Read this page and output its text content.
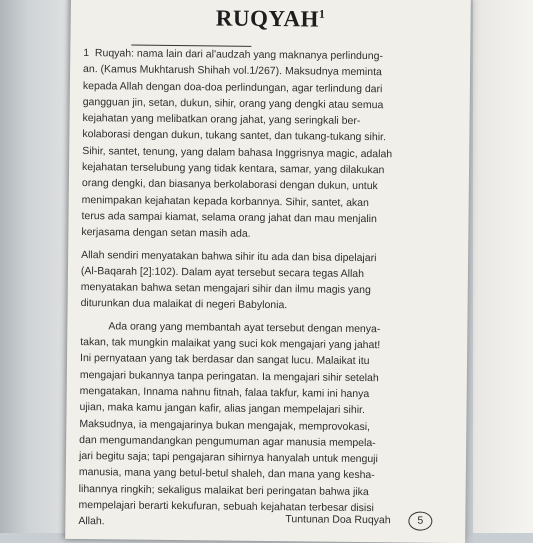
RUQYAH$^1$
1 Ruqyah: nama lain dari al'audzah yang maknanya perlindung-
an. (Kamus Mukhtarush Shihah vol.1/267). Maksudnya meminta
kepada Allah dengan doa-doa perlindungan, agar terlindung dari
gangguan jin, setan, dukun, sihir, orang yang dengki atau semua
kejahatan yang melibatkan orang jahat, yang seringkali ber-
kolaborasi dengan dukun, tukang santet, dan tukang-tukang sihir.
Sihir, santet, tenung, yang dalam bahasa Inggrisnya magic, adalah
kejahatan terselubung yang tidak kentara, samar, yang dilakukan
orang dengki, dan biasanya berkolaborasi dengan dukun, untuk
menimpakan kejahatan kepada korbannya. Sihir, santet, akan
terus ada sampai kiamat, selama orang jahat dan mau menjalin
kerjasama dengan setan masih ada.
Allah sendiri menyatakan bahwa sihir itu ada dan bisa dipelajari
(Al-Baqarah [2]:102). Dalam ayat tersebut secara tegas Allah
menyatakan bahwa setan mengajari sihir dan ilmu magis yang
diturunkan dua malaikat di negeri Babylonia.
Ada orang yang membantah ayat tersebut dengan menya-
takan, tak mungkin malaikat yang suci kok mengajari yang jahat!
Ini pernyataan yang tak berdasar dan sangat lucu. Malaikat itu
mengajari bukannya tanpa peringatan. Ia mengajari sihir setelah
mengatakan, Innama nahnu fitnah, falaa takfur, kami ini hanya
ujian, maka kamu jangan kafir, alias jangan mempelajari sihir.
Maksudnya, ia mengajarinya bukan mengajak, memprovokasi,
dan mengumandangkan pengumuman agar manusia mempela-
jari begitu saja; tapi pengajaran sihirnya hanyalah untuk menguji
manusia, mana yang betul-betul shaleh, dan mana yang kesha-
lihannya ringkih; sekaligus malaikat beri peringatan bahwa jika
mempelajari berarti kekufuran, sebuah kejahatan terbesar disisi
Allah.	Tuntunan Doa Ruqyah	5
